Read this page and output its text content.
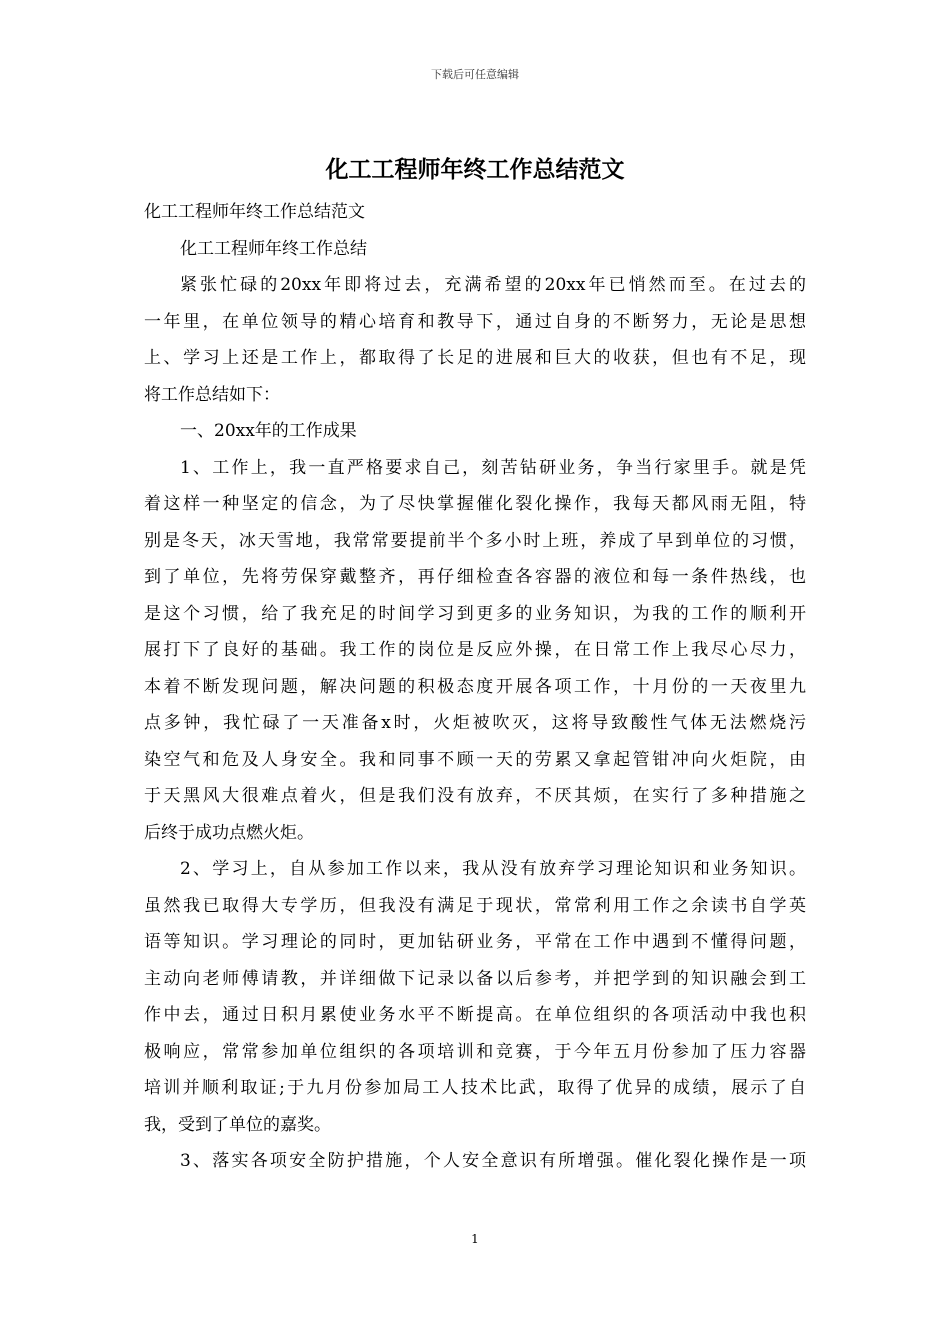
下载后可任意编辑
化工工程师年终工作总结范文
化工工程师年终工作总结范文
化工工程师年终工作总结
紧张忙碌的20xx年即将过去，充满希望的20xx年已悄然而至。在过去的
一年里，在单位领导的精心培育和教导下，通过自身的不断努力，无论是思想
上、学习上还是工作上，都取得了长足的进展和巨大的收获，但也有不足，现
将工作总结如下：
一、20xx年的工作成果
1、工作上，我一直严格要求自己，刻苦钻研业务，争当行家里手。就是凭
着这样一种坚定的信念，为了尽快掌握催化裂化操作，我每天都风雨无阻，特
别是冬天，冰天雪地，我常常要提前半个多小时上班，养成了早到单位的习惯，
到了单位，先将劳保穿戴整齐，再仔细检查各容器的液位和每一条件热线，也
是这个习惯，给了我充足的时间学习到更多的业务知识，为我的工作的顺利开
展打下了良好的基础。我工作的岗位是反应外操，在日常工作上我尽心尽力，
本着不断发现问题，解决问题的积极态度开展各项工作，十月份的一天夜里九
点多钟，我忙碌了一天准备x时，火炬被吹灭，这将导致酸性气体无法燃烧污
染空气和危及人身安全。我和同事不顾一天的劳累又拿起管钳冲向火炬院，由
于天黑风大很难点着火，但是我们没有放弃，不厌其烦，在实行了多种措施之
后终于成功点燃火炬。
2、学习上，自从参加工作以来，我从没有放弃学习理论知识和业务知识。
虽然我已取得大专学历，但我没有满足于现状，常常利用工作之余读书自学英
语等知识。学习理论的同时，更加钻研业务，平常在工作中遇到不懂得问题，
主动向老师傅请教，并详细做下记录以备以后参考，并把学到的知识融会到工
作中去，通过日积月累使业务水平不断提高。在单位组织的各项活动中我也积
极响应，常常参加单位组织的各项培训和竞赛，于今年五月份参加了压力容器
培训并顺利取证;于九月份参加局工人技术比武，取得了优异的成绩，展示了自
我，受到了单位的嘉奖。
3、落实各项安全防护措施，个人安全意识有所增强。催化裂化操作是一项
1
